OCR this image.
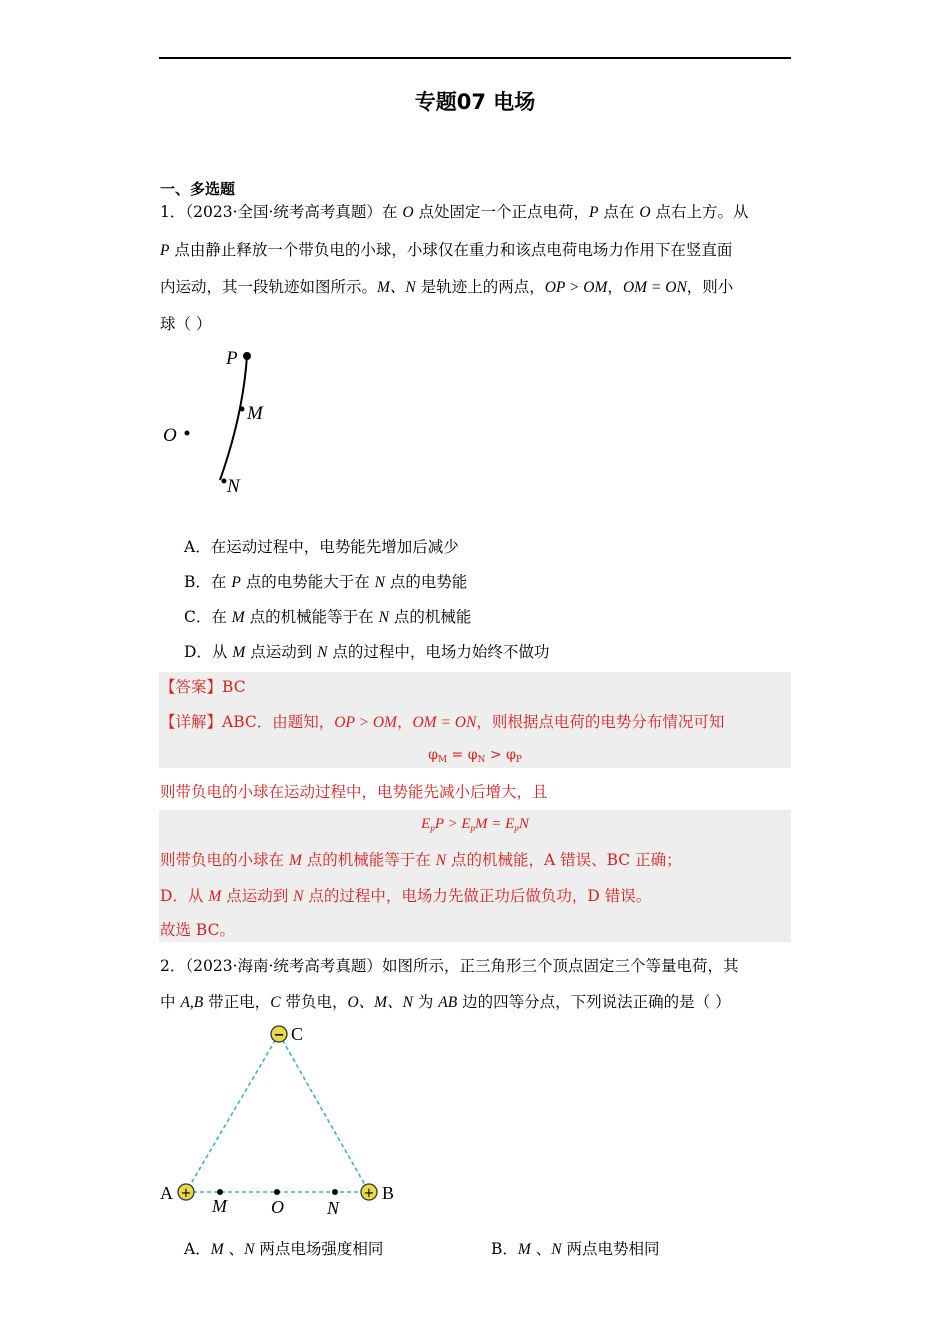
专题07 电场
一、多选题
1．（2023·全国·统考高考真题）在 O 点处固定一个正点电荷，P 点在 O 点右上方。从
P 点由静止释放一个带负电的小球，小球仅在重力和该点电荷电场力作用下在竖直面
内运动，其一段轨迹如图所示。M、N 是轨迹上的两点，OP > OM，OM = ON，则小
球（ ）
P
M
O
N
A．在运动过程中，电势能先增加后减少
B．在 P 点的电势能大于在 N 点的电势能
C．在 M 点的机械能等于在 N 点的机械能
D．从 M 点运动到 N 点的过程中，电场力始终不做功
【答案】BC
【详解】ABC．由题知，OP > OM，OM = ON，则根据点电荷的电势分布情况可知
$\varphi_M = \varphi_N > \varphi_P$
则带负电的小球在运动过程中，电势能先减小后增大，且
$E_pP > E_pM = E_pN$
则带负电的小球在 M 点的机械能等于在 N 点的机械能，A 错误、BC 正确；
D．从 M 点运动到 N 点的过程中，电场力先做正功后做负功，D 错误。
故选 BC。
2．（2023·海南·统考高考真题）如图所示，正三角形三个顶点固定三个等量电荷，其
中 A,B 带正电，C 带负电，O、M、N 为 AB 边的四等分点，下列说法正确的是（ ）
−
+	+
C
A	B
M O N
A．M 、N 两点电场强度相同	B．M 、N 两点电势相同
